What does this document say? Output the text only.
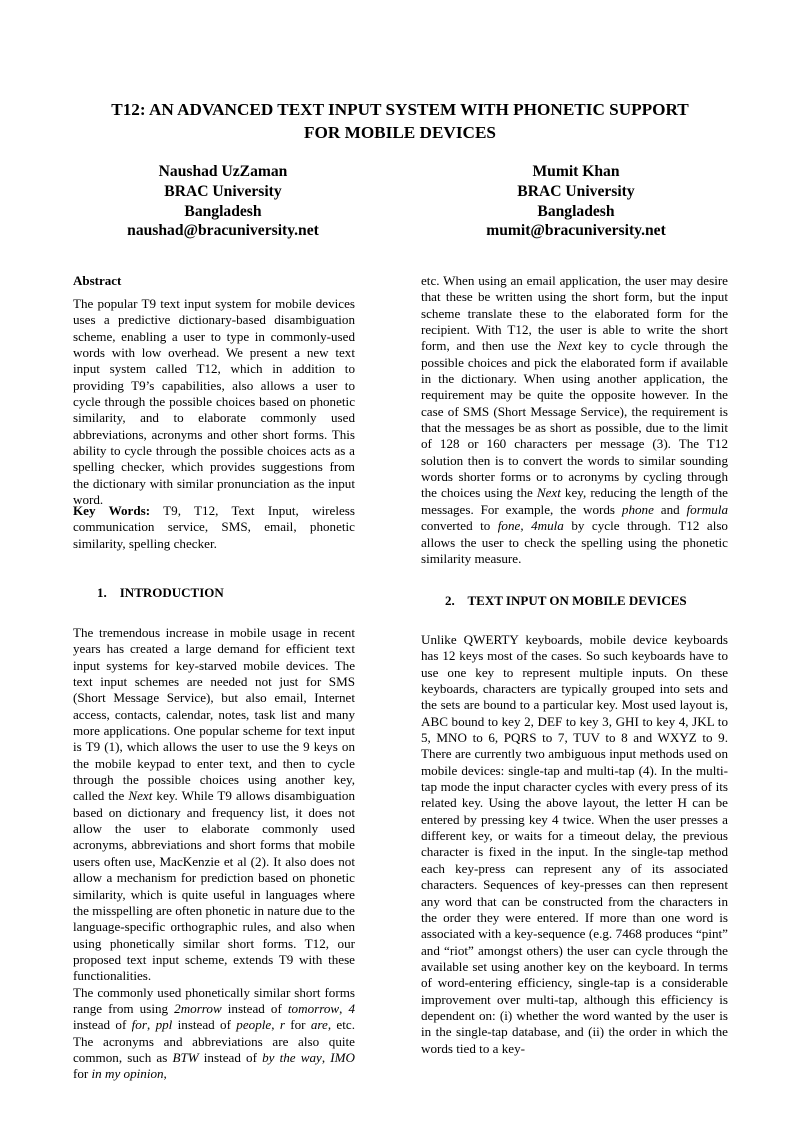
T12: AN ADVANCED TEXT INPUT SYSTEM WITH PHONETIC SUPPORT
FOR MOBILE DEVICES
Naushad UzZaman
BRAC University
Bangladesh
naushad@bracuniversity.net
Mumit Khan
BRAC University
Bangladesh
mumit@bracuniversity.net

Abstract

The popular T9 text input system for mobile devices uses a predictive dictionary-based disambiguation scheme, enabling a user to type in commonly-used words with low overhead. We present a new text input system called T12, which in addition to providing T9’s capabilities, also allows a user to cycle through the possible choices based on phonetic similarity, and to elaborate commonly used abbreviations, acronyms and other short forms. This ability to cycle through the possible choices acts as a spelling checker, which provides suggestions from the dictionary with similar pronunciation as the input word.

Key Words: T9, T12, Text Input, wireless communication service, SMS, email, phonetic similarity, spelling checker.

1.    INTRODUCTION

The tremendous increase in mobile usage in recent years has created a large demand for efficient text input systems for key-starved mobile devices. The text input schemes are needed not just for SMS (Short Message Service), but also email, Internet access, contacts, calendar, notes, task list and many more applications. One popular scheme for text input is T9 (1), which allows the user to use the 9 keys on the mobile keypad to enter text, and then to cycle through the possible choices using another key, called the Next key. While T9 allows disambiguation based on dictionary and frequency list, it does not allow the user to elaborate commonly used acronyms, abbreviations and short forms that mobile users often use, MacKenzie et al (2). It also does not allow a mechanism for prediction based on phonetic similarity, which is quite useful in languages where the misspelling are often phonetic in nature due to the language-specific orthographic rules, and also when using phonetically similar short forms. T12, our proposed text input scheme, extends T9 with these functionalities.

The commonly used phonetically similar short forms range from using 2morrow instead of tomorrow, 4 instead of for, ppl instead of people, r for are, etc. The acronyms and abbreviations are also quite common, such as BTW instead of by the way, IMO for in my opinion,

etc. When using an email application, the user may desire that these be written using the short form, but the input scheme translate these to the elaborated form for the recipient. With T12, the user is able to write the short form, and then use the Next key to cycle through the possible choices and pick the elaborated form if available in the dictionary. When using another application, the requirement may be quite the opposite however. In the case of SMS (Short Message Service), the requirement is that the messages be as short as possible, due to the limit of 128 or 160 characters per message (3). The T12 solution then is to convert the words to similar sounding words shorter forms or to acronyms by cycling through the choices using the Next key, reducing the length of the messages. For example, the words phone and formula converted to fone, 4mula by cycle through. T12 also allows the user to check the spelling using the phonetic similarity measure.

2.    TEXT INPUT ON MOBILE DEVICES

Unlike QWERTY keyboards, mobile device keyboards has 12 keys most of the cases. So such keyboards have to use one key to represent multiple inputs. On these keyboards, characters are typically grouped into sets and the sets are bound to a particular key. Most used layout is, ABC bound to key 2, DEF to key 3, GHI to key 4, JKL to 5, MNO to 6, PQRS to 7, TUV to 8 and WXYZ to 9. There are currently two ambiguous input methods used on mobile devices: single-tap and multi-tap (4). In the multi-tap mode the input character cycles with every press of its related key. Using the above layout, the letter H can be entered by pressing key 4 twice. When the user presses a different key, or waits for a timeout delay, the previous character is fixed in the input. In the single-tap method each key-press can represent any of its associated characters. Sequences of key-presses can then represent any word that can be constructed from the characters in the order they were entered. If more than one word is associated with a key-sequence (e.g. 7468 produces “pint” and “riot” amongst others) the user can cycle through the available set using another key on the keyboard. In terms of word-entering efficiency, single-tap is a considerable improvement over multi-tap, although this efficiency is dependent on: (i) whether the word wanted by the user is in the single-tap database, and (ii) the order in which the words tied to a key-
